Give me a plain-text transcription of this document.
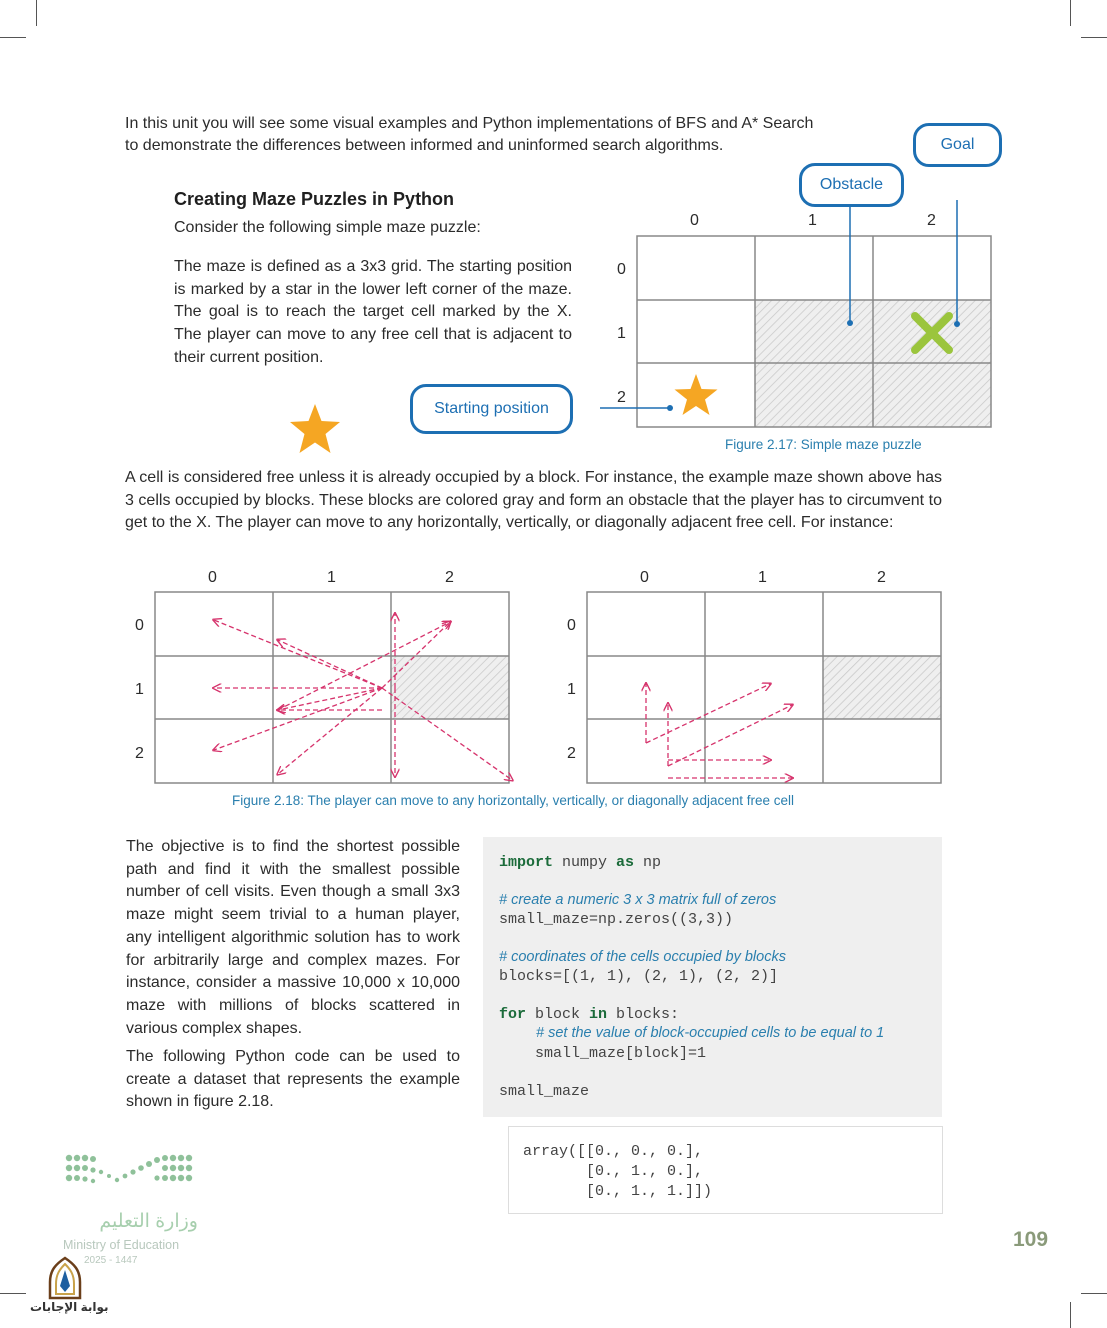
In this unit you will see some visual examples and Python implementations of BFS and A* Search
to demonstrate the differences between informed and uninformed search algorithms.
Creating Maze Puzzles in Python
Consider the following simple maze puzzle:
The maze is defined as a 3x3 grid. The starting position is marked by a star in the lower left corner of the maze. The goal is to reach the target cell marked by the X. The player can move to any free cell that is adjacent to their current position.
0	1	2
0
1
2
Goal
Obstacle
Starting position
Figure 2.17: Simple maze puzzle
A cell is considered free unless it is already occupied by a block. For instance, the example maze shown above has 3 cells occupied by blocks. These blocks are colored gray and form an obstacle that the player has to circumvent to get to the X. The player can move to any horizontally, vertically, or diagonally adjacent free cell. For instance:
0	1	2	0	1	2
0
1
2
0
1
2
Figure 2.18: The player can move to any horizontally, vertically, or diagonally adjacent free cell
The objective is to find the shortest possible path and find it with the smallest possible number of cell visits. Even though a small 3x3 maze might seem trivial to a human player, any intelligent algorithmic solution has to work for arbitrarily large and complex mazes. For instance, consider a massive 10,000 x 10,000 maze with millions of blocks scattered in various complex shapes.
The following Python code can be used to create a dataset that represents the example shown in figure 2.18.
import numpy as np
# create a numeric 3 x 3 matrix full of zeros
small_maze=np.zeros((3,3))
# coordinates of the cells occupied by blocks
blocks=[(1, 1), (2, 1), (2, 2)]
for block in blocks:
# set the value of block-occupied cells to be equal to 1
small_maze[block]=1
small_maze
array([[0., 0., 0.],
[0., 1., 0.],
[0., 1., 1.]])
وزارة التعليم
Ministry of Education
2025 - 1447
بوابة الإجابات
109
